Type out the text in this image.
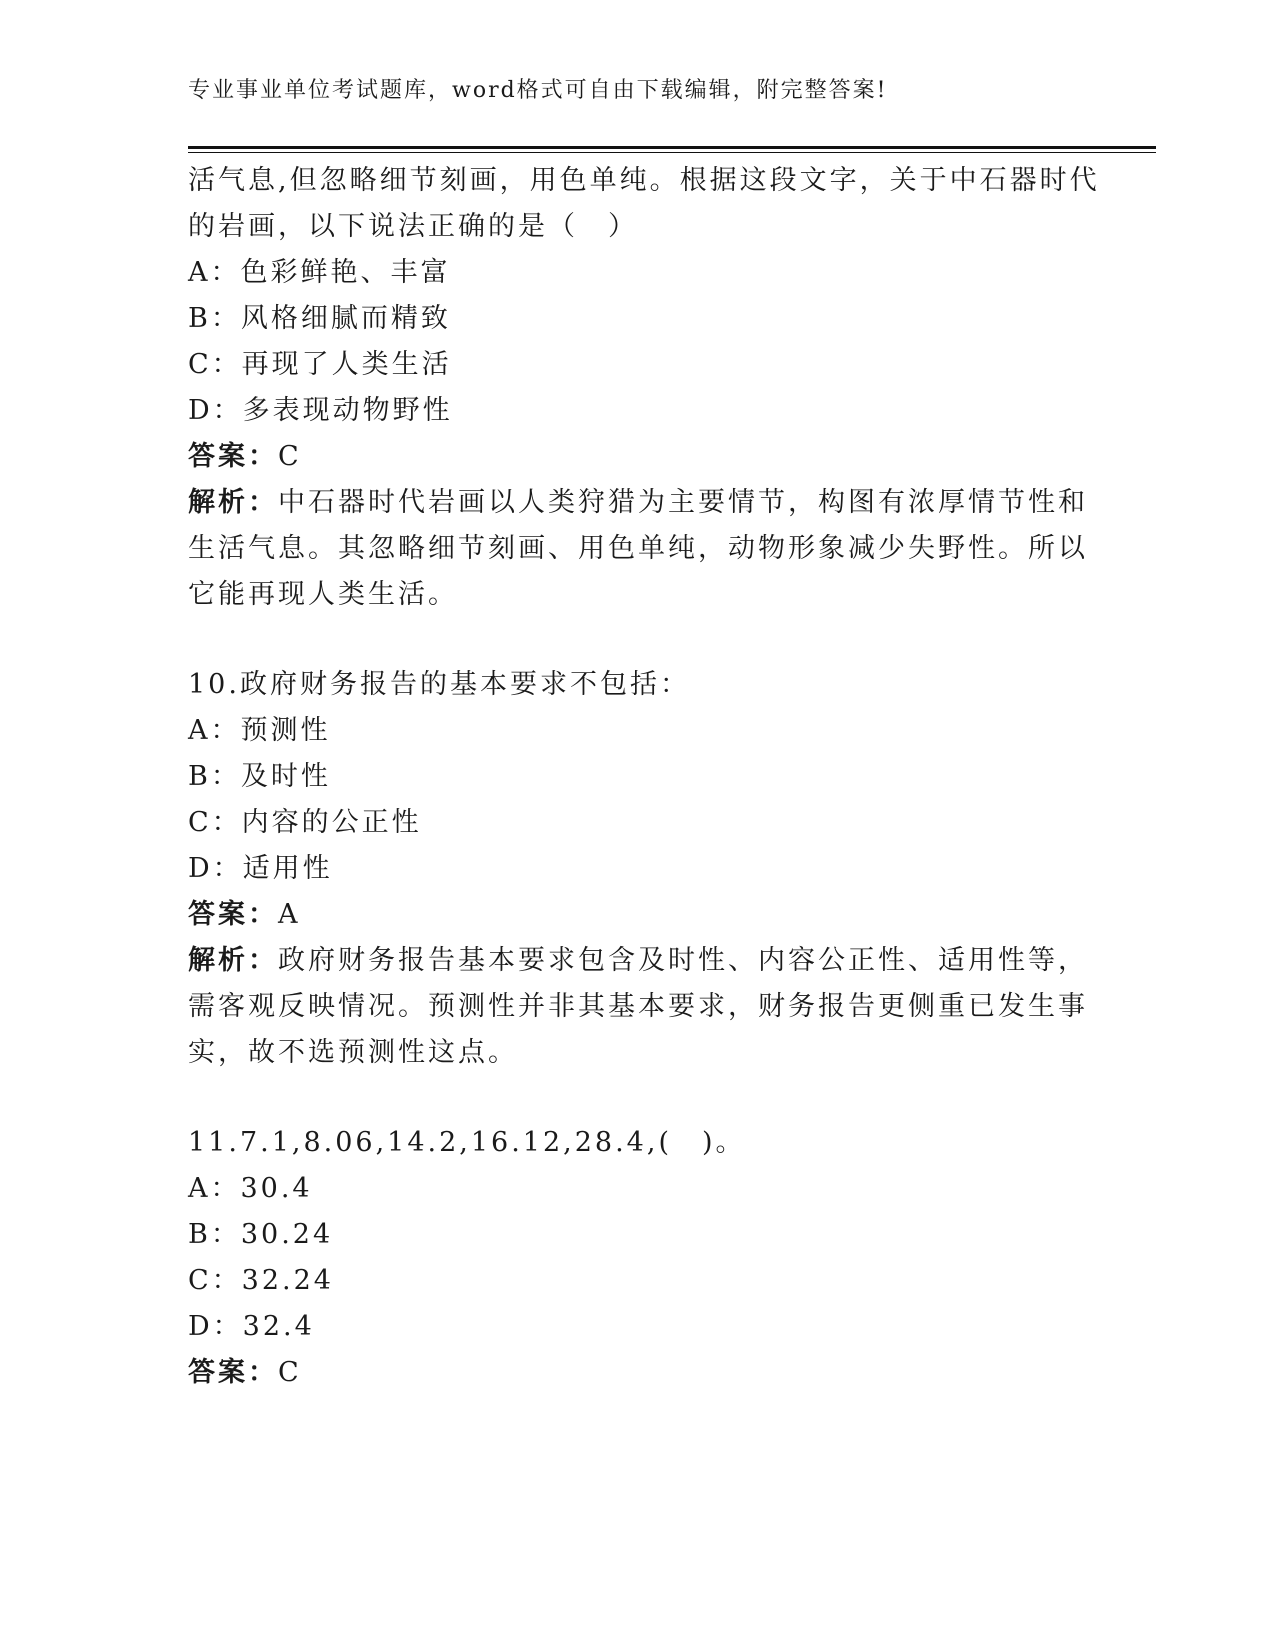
专业事业单位考试题库，word格式可自由下载编辑，附完整答案!
活气息,但忽略细节刻画，用色单纯。根据这段文字，关于中石器时代
的岩画，以下说法正确的是（　）
A：色彩鲜艳、丰富
B：风格细腻而精致
C：再现了人类生活
D：多表现动物野性
答案：C
解析：中石器时代岩画以人类狩猎为主要情节，构图有浓厚情节性和
生活气息。其忽略细节刻画、用色单纯，动物形象减少失野性。所以
它能再现人类生活。
10.政府财务报告的基本要求不包括：
A：预测性
B：及时性
C：内容的公正性
D：适用性
答案：A
解析：政府财务报告基本要求包含及时性、内容公正性、适用性等，
需客观反映情况。预测性并非其基本要求，财务报告更侧重已发生事
实，故不选预测性这点。
11.7.1,8.06,14.2,16.12,28.4,(　)。
A：30.4
B：30.24
C：32.24
D：32.4
答案：C
